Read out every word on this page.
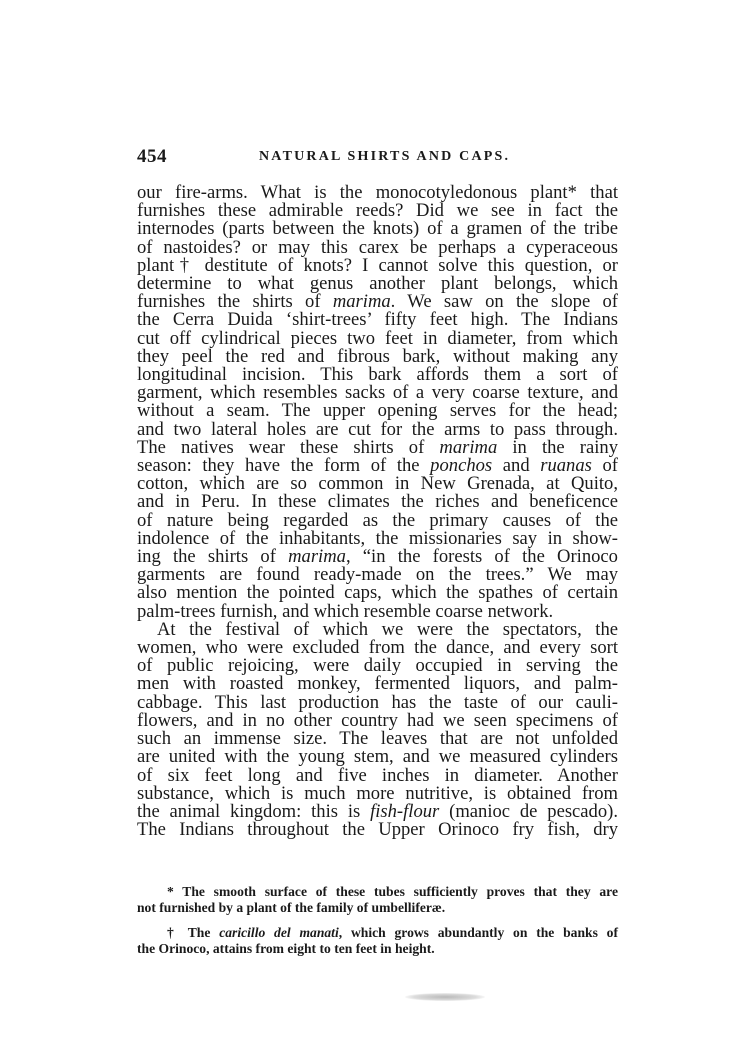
454	NATURAL SHIRTS AND CAPS.
our fire-arms. What is the monocotyledonous plant* that
furnishes these admirable reeds? Did we see in fact the
internodes (parts between the knots) of a gramen of the tribe
of nastoides? or may this carex be perhaps a cyperaceous
plant† destitute of knots? I cannot solve this question, or
determine to what genus another plant belongs, which
furnishes the shirts of marima. We saw on the slope of
the Cerra Duida ‘shirt-trees’ fifty feet high. The Indians
cut off cylindrical pieces two feet in diameter, from which
they peel the red and fibrous bark, without making any
longitudinal incision. This bark affords them a sort of
garment, which resembles sacks of a very coarse texture, and
without a seam. The upper opening serves for the head;
and two lateral holes are cut for the arms to pass through.
The natives wear these shirts of marima in the rainy
season: they have the form of the ponchos and ruanas of
cotton, which are so common in New Grenada, at Quito,
and in Peru. In these climates the riches and beneficence
of nature being regarded as the primary causes of the
indolence of the inhabitants, the missionaries say in show-
ing the shirts of marima, “in the forests of the Orinoco
garments are found ready-made on the trees.” We may
also mention the pointed caps, which the spathes of certain
palm-trees furnish, and which resemble coarse network.
At the festival of which we were the spectators, the
women, who were excluded from the dance, and every sort
of public rejoicing, were daily occupied in serving the
men with roasted monkey, fermented liquors, and palm-
cabbage. This last production has the taste of our cauli-
flowers, and in no other country had we seen specimens of
such an immense size. The leaves that are not unfolded
are united with the young stem, and we measured cylinders
of six feet long and five inches in diameter. Another
substance, which is much more nutritive, is obtained from
the animal kingdom: this is fish-flour (manioc de pescado).
The Indians throughout the Upper Orinoco fry fish, dry
* The smooth surface of these tubes sufficiently proves that they are
not furnished by a plant of the family of umbelliferæ.
† The caricillo del manati, which grows abundantly on the banks of
the Orinoco, attains from eight to ten feet in height.
